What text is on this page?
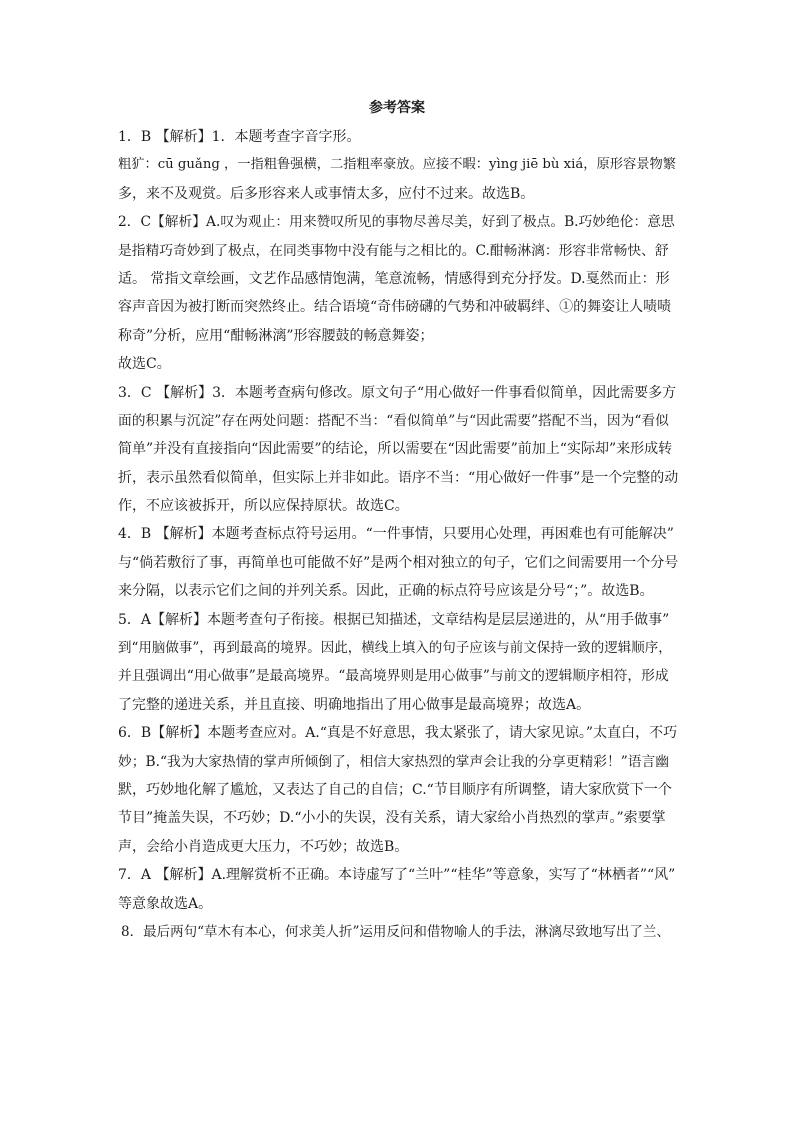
参考答案
1．B 【解析】1．本题考查字音字形。
粗犷：cū guǎng ，一指粗鲁强横，二指粗率豪放。应接不暇：yìng jiē bù xiá，原形容景物繁
多，来不及观赏。后多形容来人或事情太多，应付不过来。故选B。
2．C【解析】A.叹为观止：用来赞叹所见的事物尽善尽美，好到了极点。B.巧妙绝伦：意思
是指精巧奇妙到了极点，在同类事物中没有能与之相比的。C.酣畅淋漓：形容非常畅快、舒
适。 常指文章绘画，文艺作品感情饱满，笔意流畅，情感得到充分抒发。D.戛然而止：形
容声音因为被打断而突然终止。结合语境“奇伟磅礴的气势和冲破羁绊、①的舞姿让人啧啧
称奇”分析，应用“酣畅淋漓”形容腰鼓的畅意舞姿；
故选C。
3．C 【解析】3．本题考查病句修改。原文句子“用心做好一件事看似简单，因此需要多方
面的积累与沉淀”存在两处问题：搭配不当：“看似简单”与“因此需要”搭配不当，因为“看似
简单”并没有直接指向“因此需要”的结论，所以需要在“因此需要”前加上“实际却”来形成转
折，表示虽然看似简单，但实际上并非如此。语序不当：“用心做好一件事”是一个完整的动
作，不应该被拆开，所以应保持原状。故选C。
4．B 【解析】本题考查标点符号运用。“一件事情，只要用心处理，再困难也有可能解决”
与“倘若敷衍了事，再简单也可能做不好”是两个相对独立的句子，它们之间需要用一个分号
来分隔，以表示它们之间的并列关系。因此，正确的标点符号应该是分号“；”。故选B。
5．A【解析】本题考查句子衔接。根据已知描述，文章结构是层层递进的，从“用手做事”
到“用脑做事”，再到最高的境界。因此，横线上填入的句子应该与前文保持一致的逻辑顺序，
并且强调出“用心做事”是最高境界。“最高境界则是用心做事”与前文的逻辑顺序相符，形成
了完整的递进关系，并且直接、明确地指出了用心做事是最高境界；故选A。
6．B【解析】本题考查应对。A.“真是不好意思，我太紧张了，请大家见谅。”太直白，不巧
妙；B.“我为大家热情的掌声所倾倒了，相信大家热烈的掌声会让我的分享更精彩！”语言幽
默，巧妙地化解了尴尬，又表达了自己的自信；C.“节目顺序有所调整，请大家欣赏下一个
节目”掩盖失误，不巧妙；D.“小小的失误，没有关系，请大家给小肖热烈的掌声。”索要掌
声，会给小肖造成更大压力，不巧妙；故选B。
7．A 【解析】A.理解赏析不正确。本诗虚写了“兰叶”“桂华”等意象，实写了“林栖者”“风”
等意象故选A。
8．最后两句“草木有本心，何求美人折”运用反问和借物喻人的手法，淋漓尽致地写出了兰、
